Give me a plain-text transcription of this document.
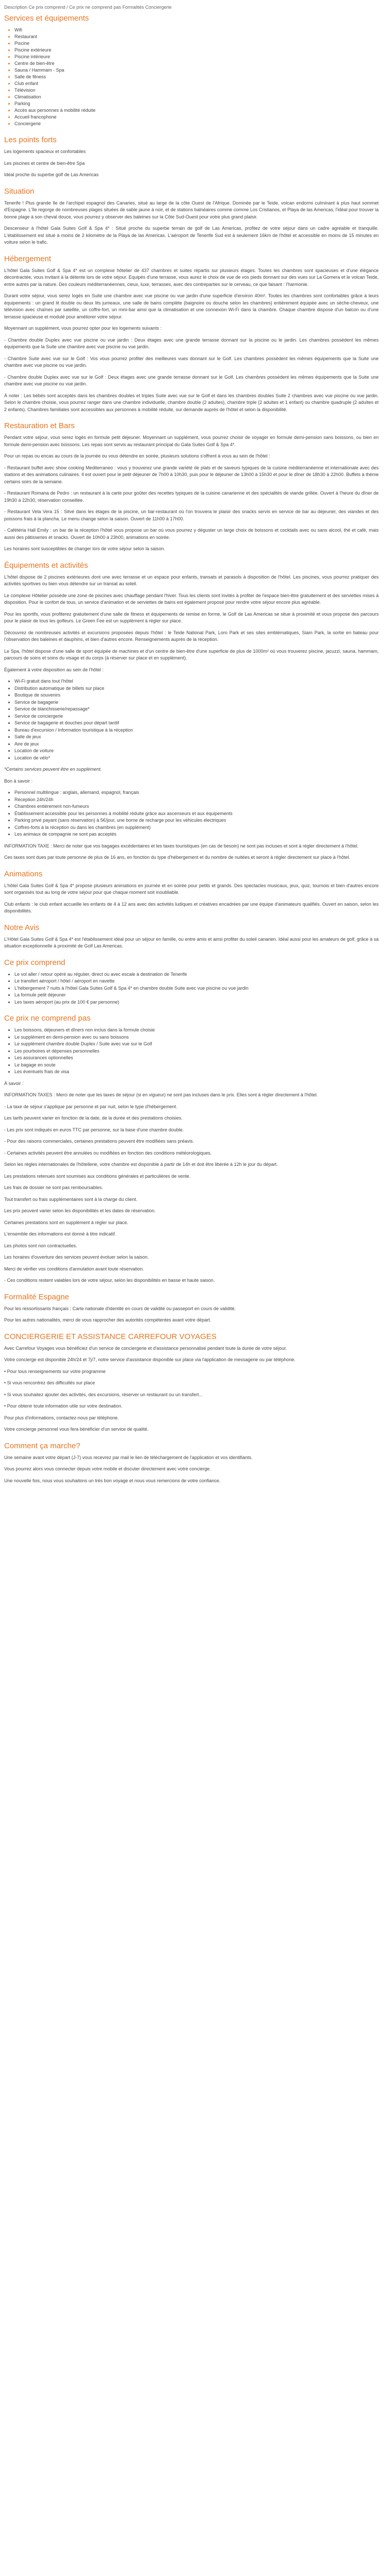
Description Ce prix comprend / Ce prix ne comprend pas Formalités Conciergerie
Services et équipements
• Wifi
• Restaurant
• Piscine
• Piscine extérieure
• Piscine intérieure
• Centre de bien-être
• Sauna / Hammam - Spa
• Salle de fitness
• Club enfant
• Télévision
• Climatisation
• Parking
• Accès aux personnes à mobilité réduite
• Accueil francophone
• Conciergerie
Les points forts

Les logements spacieux et confortables

Les piscines et centre de bien-être Spa

Idéal proche du superbe golf de Las Americas

Situation

Tenerife ! Plus grande île de l'archipel espagnol des Canaries, situé au large de la côte Ouest de l'Afrique. Dominée par le Teide, volcan endormi culminant à plus haut sommet d'Espagne. L'île regorge de nombreuses plages situées de sable jaune à noir, et de stations balnéaires comme comme Los Cristianos, et Playa de las Americas, l'idéal pour trouver la bonne plage à son cheval douce, vous pourrez y observer des baleines sur la Côte Sud-Ouest pour votre plus grand plaisir.

Descenseur à l'hôtel Gala Suites Golf & Spa 4* : Situé proche du superbe terrain de golf de Las Americas, profitez de votre séjour dans un cadre agréable et tranquille. L'établissement est situé à moins de 2 kilomètre de la Playa de las Americas. L'aéroport de Tenerife Sud est à seulement 16km de l'hôtel et accessible en moins de 15 minutes en voiture selon le trafic.

Hébergement

L'hôtel Gala Suites Golf & Spa 4* est un complexe hôtelier de 437 chambres et suites répartis sur plusieurs étages. Toutes les chambres sont spacieuses et d'une élégance décontractée, vous invitant à la détente lors de votre séjour. Equipés d'une terrasse, vous aurez le choix de vue de vos pieds donnant sur des vues sur La Gomera et le volcan Teide, entre autres par la nature. Des couleurs méditerranéennes, cieux, luxe, terrasses, avec des contreparties sur le cerveau, ce que faisant : l'harmonie.

Durant votre séjour, vous serez logés en Suite une chambre avec vue piscine ou vue jardin d'une superficie d'environ 40m². Toutes les chambres sont confortables grâce à leurs équipements : un grand lit double ou deux lits jumeaux, une salle de bains complète (baignoire ou douche selon les chambres) entièrement équipée avec un sèche-cheveux, une télévision avec chaînes par satellite, un coffre-fort, un mini-bar ainsi que la climatisation et une connexion Wi-Fi dans la chambre. Chaque chambre dispose d'un balcon ou d'une terrasse spacieuse et modulé pour améliorer votre séjour.

Moyennant un supplément, vous pourrez opter pour les logements suivants :

- Chambre double Duplex avec vue piscine ou vue jardin : Deux étages avec une grande terrasse donnant sur la piscine ou le jardin. Les chambres possèdent les mêmes équipements que la Suite une chambre avec vue piscine ou vue jardin.

- Chambre Suite avec vue sur le Golf : Vos vous pourrez profiter des meilleures vues donnant sur le Golf. Les chambres possèdent les mêmes équipements que la Suite une chambre avec vue piscine ou vue jardin.

- Chambre double Duplex avec vue sur le Golf : Deux étages avec une grande terrasse donnant sur le Golf. Les chambres possèdent les mêmes équipements que la Suite une chambre avec vue piscine ou vue jardin.

À noter : Les bébés sont acceptés dans les chambres doubles et triples Suite avec vue sur le Golf et dans les chambres doubles Suite 2 chambres avec vue piscine ou vue jardin. Selon le chambre choisie, vous pourrez ranger dans une chambre individuelle, chambre double (2 adultes), chambre triple (2 adultes et 1 enfant) ou chambre quadruple (2 adultes et 2 enfants). Chambres familiales sont accessibles aux personnes à mobilité réduite, sur demande auprès de l'hôtel et selon la disponibilité.

Restauration et Bars

Pendant votre séjour, vous serez logés en formule petit déjeuner. Moyennant un supplément, vous pourrez choisir de voyager en formule demi-pension sans boissons, ou bien en formule demi-pension avec boissons. Les repas sont servis au restaurant principal du Gala Suites Golf & Spa 4*.

Pour un repas ou encas au cours de la journée ou vous détendre en soirée, plusieurs solutions s'offrent à vous au sein de l'hôtel :

- Restaurant buffet avec show cooking Mediterraneo : vous y trouverez une grande variété de plats et de saveurs typiques de la cuisine méditerranéenne et internationale avec des stations et des animations culinaires. Il est ouvert pour le petit déjeuner de 7h00 à 10h30, puis pour le déjeuner de 13h00 à 15h30 et pour le dîner de 18h30 à 22h00. Buffets à thème certains soirs de la semaine.

- Restaurant Romana de Pedro : un restaurant à la carte pour goûter des recettes typiques de la cuisine canarienne et des spécialités de viande grillée. Ouvert à l'heure du dîner de 19h30 à 22h30, réservation conseillée.

- Restaurant Vela Vera 15 : Sitvé dans les étages de la piscine, un bar-restaurant où l'on trouvera le plaisir des snacks servis en service de bar au déjeuner, des viandes et des poissons frais à la plancha. Le menu change selon la saison. Ouvert de 11h00 à 17h00.

- Cafétéria Hall Emily : un bar de la réception l'hôtel vous propose un bar où vous pourrez y déguster un large choix de boissons et cocktails avec ou sans alcool, thé et café, mais aussi des pâtisseries et snacks. Ouvert de 10h00 à 23h00, animations en soirée.

Les horaires sont susceptibles de changer lors de votre séjour selon la saison.

Équipements et activités

L'hôtel dispose de 2 piscines extérieures dont une avec terrasse et un espace pour enfants, transats et parasols à disposition de l'hôtel. Les piscines, vous pourrez pratiquer des activités sportives ou bien vous détendre sur un transat au soleil.

Le complexe Hôtelier possède une zone de piscines avec chauffage pendant l'hiver. Tous les clients sont invités à profiter de l'espace bien-être gratuitement et des serviettes mises à disposition. Pour le confort de tous, un service d'animation et de serviettes de bains est également proposé pour rendre votre séjour encore plus agréable.

Pour les sportifs, vous profiterez gratuitement d'une salle de fitness et équipements de remise en forme, le Golf de Las Americas se situe à proximité et vous propose des parcours pour le plaisir de tous les golfeurs. Le Green Fee est un supplément à régler sur place.

Découvrez de nombreuses activités et excursions proposées depuis l'hôtel : le Teide National Park, Loro Park et ses sites emblématiques, Siam Park, la sortie en bateau pour l'observation des baleines et dauphins, et bien d'autres encore. Renseignements auprès de la réception.

Le Spa, l'hôtel dispose d'une salle de sport équipée de machines et d'un centre de bien-être d'une superficie de plus de 1000m² où vous trouverez piscine, jacuzzi, sauna, hammam, parcours de soins et soins du visage et du corps (à réserver sur place et en supplément).

Également à votre disposition au sein de l'hôtel :

• Wi-Fi gratuit dans tout l'hôtel
• Distribution automatique de billets sur place
• Boutique de souvenirs
• Service de bagagerie
• Service de blanchisserie/repassage*
• Service de conciergerie
• Service de bagagerie et douches pour départ tardif
• Bureau d'excursion / Information touristique à la réception
• Salle de jeux
• Aire de jeux
• Location de voiture
• Location de vélo*

*Certains services peuvent être en supplément.

Bon à savoir :

• Personnel multilingue : anglais, allemand, espagnol, français
• Réception 24h/24h
• Chambres entièrement non-fumeurs
• Établissement accessible pour les personnes à mobilité réduite grâce aux ascenseurs et aux équipements
• Parking privé payant (sans réservation) à 5€/jour, une borne de recharge pour les véhicules électriques
• Coffres-forts à la réception ou dans les chambres (en supplément)
• Les animaux de compagnie ne sont pas acceptés

INFORMATION TAXE : Merci de noter que vos bagages excédentaires et les taxes touristiques (en cas de besoin) ne sont pas incluses et sont à régler directement à l'hôtel.

Ces taxes sont dues par toute personne de plus de 16 ans, en fonction du type d'hébergement et du nombre de nuitées et seront à régler directement sur place à l'hôtel.

Animations

L'hôtel Gala Suites Golf & Spa 4* propose plusieurs animations en journée et en soirée pour petits et grands. Des spectacles musicaux, jeux, quiz, tournois et bien d'autres encore sont organisés tout au long de votre séjour pour que chaque moment soit inoubliable.

Club enfants : le club enfant accueille les enfants de 4 à 12 ans avec des activités ludiques et créatives encadrées par une équipe d'animateurs qualifiés. Ouvert en saison, selon les disponibilités.

Notre Avis

L'Hôtel Gala Suites Golf & Spa 4* est l'établissement idéal pour un séjour en famille, ou entre amis et ainsi profiter du soleil canarien. Idéal aussi pour les amateurs de golf, grâce à sa situation exceptionnelle à proximité de Golf Las Americas.

Ce prix comprend
• Le vol aller / retour opéré au régulier, direct ou avec escale à destination de Tenerife
• Le transfert aéroport / hôtel / aéroport en navette
• L'hébergement 7 nuits à l'hôtel Gala Suites Golf & Spa 4* en chambre double Suite avec vue piscine ou vue jardin
• La formule petit déjeuner
• Les taxes aéroport (au prix de 100 € par personne)
Ce prix ne comprend pas
• Les boissons, déjeuners et dîners non inclus dans la formule choisie
• Le supplément en demi-pension avec ou sans boissons
• Le supplément chambre double Duplex / Suite avec vue sur le Golf
• Les pourboires et dépenses personnelles
• Les assurances optionnelles
• Le bagage en soute
• Les éventuels frais de visa

À savoir :

INFORMATION TAXES : Merci de noter que les taxes de séjour (si en vigueur) ne sont pas incluses dans le prix. Elles sont à régler directement à l'hôtel.

- La taxe de séjour s'applique par personne et par nuit, selon le type d'hébergement.

Les tarifs peuvent varier en fonction de la date, de la durée et des prestations choisies.

- Les prix sont indiqués en euros TTC par personne, sur la base d'une chambre double.

- Pour des raisons commerciales, certaines prestations peuvent être modifiées sans préavis.

- Certaines activités peuvent être annulées ou modifiées en fonction des conditions météorologiques.

Selon les règles internationales de l'hôtellerie, votre chambre est disponible à partir de 14h et doit être libérée à 12h le jour du départ.

Les prestations retenues sont soumises aux conditions générales et particulières de vente.

Les frais de dossier ne sont pas remboursables.

Tout transfert ou frais supplémentaires sont à la charge du client.

Les prix peuvent varier selon les disponibilités et les dates de réservation.

Certaines prestations sont en supplément à régler sur place.

L'ensemble des informations est donné à titre indicatif.

Les photos sont non contractuelles.

Les horaires d'ouverture des services peuvent évoluer selon la saison.

Merci de vérifier vos conditions d'annulation avant toute réservation.

- Ces conditions restent valables lors de votre séjour, selon les disponibilités en basse et haute saison.

Formalité Espagne

Pour les ressortissants français : Carte nationale d'identité en cours de validité ou passeport en cours de validité.

Pour les autres nationalités, merci de vous rapprocher des autorités compétentes avant votre départ.

CONCIERGERIE ET ASSISTANCE CARREFOUR VOYAGES

Avec Carrefour Voyages vous bénéficiez d'un service de conciergerie et d'assistance personnalisé pendant toute la durée de votre séjour.

Votre concierge est disponible 24h/24 et 7j/7, notre service d'assistance disponible sur place via l'application de messagerie ou par téléphone.

• Pour tous renseignements sur votre programme

• Si vous rencontrez des difficultés sur place

• Si vous souhaitez ajouter des activités, des excursions, réserver un restaurant ou un transfert...

• Pour obtenir toute information utile sur votre destination.

Pour plus d'informations, contactez-nous par téléphone.

Votre concierge personnel vous fera bénéficier d'un service de qualité.

Comment ça marche?

Une semaine avant votre départ (J-7) vous recevrez par mail le lien de téléchargement de l'application et vos identifiants.

Vous pourrez alors vous connecter depuis votre mobile et discuter directement avec votre concierge.

Une nouvelle fois, nous vous souhaitons un très bon voyage et nous vous remercions de votre confiance.
